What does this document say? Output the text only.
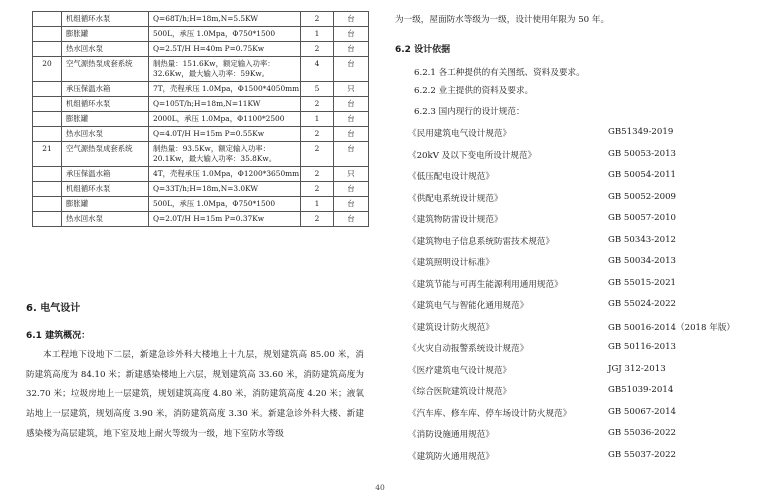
	机组循环水泵	Q=68T/h;H=18m,N=5.5KW	2	台
	膨胀罐	500L，承压 1.0Mpa，Φ750*1500	1	台
	热水回水泵	Q=2.5T/H H=40m P=0.75Kw	2	台
20	空气源热泵成套系统	制热量：151.6Kw，额定输入功率：32.6Kw，最大输入功率：59Kw。	4	台
	承压保温水箱	7T，壳程承压 1.0Mpa，Φ1500*4050mm	5	只
	机组循环水泵	Q=105T/h;H=18m,N=11KW	2	台
	膨胀罐	2000L，承压 1.0Mpa，Φ1100*2500	1	台
	热水回水泵	Q=4.0T/H H=15m P=0.55Kw	2	台
21	空气源热泵成套系统	制热量：93.5Kw，额定输入功率：20.1Kw，最大输入功率：35.8Kw。	2	台
	承压保温水箱	4T，壳程承压 1.0Mpa，Φ1200*3650mm	2	只
	机组循环水泵	Q=33T/h;H=18m,N=3.0KW	2	台
	膨胀罐	500L，承压 1.0Mpa，Φ750*1500	1	台
	热水回水泵	Q=2.0T/H H=15m P=0.37Kw	2	台
6. 电气设计
6.1 建筑概况：
本工程地下设地下二层，新建急诊外科大楼地上十九层，规划建筑高 85.00 米，消防建筑高度为 84.10 米；新建感染楼地上六层，规划建筑高 33.60 米，消防建筑高度为 32.70 米；垃圾房地上一层建筑，规划建筑高度 4.80 米，消防建筑高度 4.20 米；液氧站地上一层建筑，规划高度 3.90 米，消防建筑高度 3.30 米。新建急诊外科大楼、新建感染楼为高层建筑，地下室及地上耐火等级为一级，地下室防水等级
为一级，屋面防水等级为一级，设计使用年限为 50 年。
6.2 设计依据
6.2.1 各工种提供的有关图纸、资料及要求。
6.2.2 业主提供的资料及要求。
6.2.3 国内现行的设计规范：
《民用建筑电气设计规范》	GB51349-2019
《20kV 及以下变电所设计规范》	GB 50053-2013
《低压配电设计规范》	GB 50054-2011
《供配电系统设计规范》	GB 50052-2009
《建筑物防雷设计规范》	GB 50057-2010
《建筑物电子信息系统防雷技术规范》	GB 50343-2012
《建筑照明设计标准》	GB 50034-2013
《建筑节能与可再生能源利用通用规范》	GB 55015-2021
《建筑电气与智能化通用规范》	GB 55024-2022
《建筑设计防火规范》	GB 50016-2014（2018 年版）
《火灾自动报警系统设计规范》	GB 50116-2013
《医疗建筑电气设计规范》	JGJ 312-2013
《综合医院建筑设计规范》	GB51039-2014
《汽车库、修车库、停车场设计防火规范》	GB 50067-2014
《消防设施通用规范》	GB 55036-2022
《建筑防火通用规范》	GB 55037-2022
40
